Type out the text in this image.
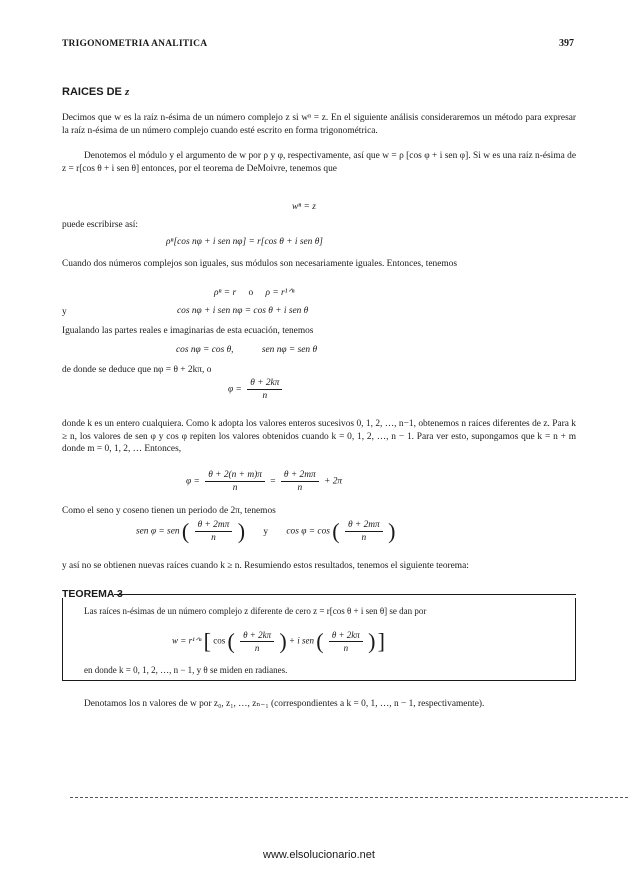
TRIGONOMETRIA ANALITICA	397
RAICES DE z
Decimos que w es la raíz n-ésima de un número complejo z si wⁿ = z. En el siguiente análisis consideraremos un método para expresar la raíz n-ésima de un número complejo cuando esté escrito en forma trigonométrica.
Denotemos el módulo y el argumento de w por ρ y φ, respectivamente, así que w = ρ [cos φ + i sen φ]. Si w es una raíz n-ésima de z = r[cos θ + i sen θ] entonces, por el teorema de DeMoivre, tenemos que
wⁿ = z
puede escribirse así:
ρⁿ[cos nφ + i sen nφ] = r[cos θ + i sen θ]
Cuando dos números complejos son iguales, sus módulos son necesariamente iguales. Entonces, tenemos
ρⁿ = r o ρ = r¹ᐟⁿ
y	cos nφ + i sen nφ = cos θ + i sen θ
Igualando las partes reales e imaginarias de esta ecuación, tenemos
cos nφ = cos θ,	sen nφ = sen θ
de donde se deduce que nφ = θ + 2kπ, o
$\varphi = \frac{\theta + 2k\pi}{n}$
donde k es un entero cualquiera. Como k adopta los valores enteros sucesivos 0, 1, 2, …, n−1, obtenemos n raíces diferentes de z. Para k ≥ n, los valores de sen φ y cos φ repiten los valores obtenidos cuando k = 0, 1, 2, …, n − 1. Para ver esto, supongamos que k = n + m donde m = 0, 1, 2, … Entonces,
$\varphi = \frac{\theta + 2(n + m)\pi}{n} = \frac{\theta + 2m\pi}{n} + 2\pi$
Como el seno y coseno tienen un periodo de 2π, tenemos
sen φ = sen ( $\frac{\theta + 2m\pi}{n}$ ) y cos φ = cos ( $\frac{\theta + 2m\pi}{n}$ )
y así no se obtienen nuevas raíces cuando k ≥ n. Resumiendo estos resultados, tenemos el siguiente teorema:
TEOREMA 3
Las raíces n-ésimas de un número complejo z diferente de cero z = r[cos θ + i sen θ] se dan por
w = r¹ᐟⁿ [ cos ( $\frac{\theta + 2k\pi}{n}$ ) + i sen ( $\frac{\theta + 2k\pi}{n}$ ) ]
en donde k = 0, 1, 2, …, n − 1, y θ se miden en radianes.
Denotamos los n valores de w por z₀, z₁, …, zₙ₋₁ (correspondientes a k = 0, 1, …, n − 1, respectivamente).
www.elsolucionario.net
